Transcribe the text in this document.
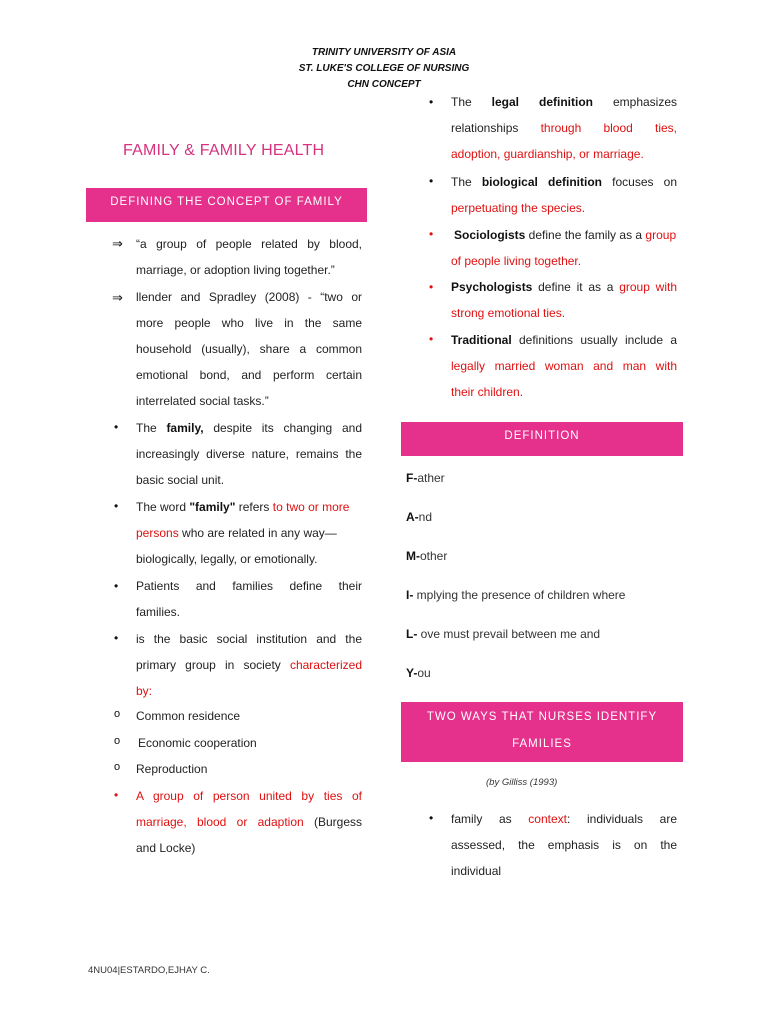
TRINITY UNIVERSITY OF ASIA
ST. LUKE'S COLLEGE OF NURSING
CHN CONCEPT
FAMILY & FAMILY HEALTH
DEFINING THE CONCEPT OF FAMILY
⇒ “a group of people related by blood,
marriage, or adoption living together.”
⇒ llender and Spradley (2008) - “two or
more people who live in the same
household (usually), share a common
emotional bond, and perform certain
interrelated social tasks.”
• The family, despite its changing and
increasingly diverse nature, remains the
basic social unit.
• The word "family" refers to two or more
persons who are related in any way—
biologically, legally, or emotionally.
• Patients and families define their
families.
• is the basic social institution and the
primary group in society characterized
by:
o Common residence
o Economic cooperation
o Reproduction
• A group of person united by ties of
marriage, blood or adaption (Burgess
and Locke)
• The legal definition emphasizes
relationships through blood ties,
adoption, guardianship, or marriage.
• The biological definition focuses on
perpetuating the species.
• Sociologists define the family as a group
of people living together.
• Psychologists define it as a group with
strong emotional ties.
• Traditional definitions usually include a
legally married woman and man with
their children.
DEFINITION
F-ather
A-nd
M-other
I- mplying the presence of children where
L- ove must prevail between me and
Y-ou
TWO WAYS THAT NURSES IDENTIFY
FAMILIES
(by Gilliss (1993)
• family as context: individuals are
assessed, the emphasis is on the
individual
4NU04|ESTARDO,EJHAY C.
